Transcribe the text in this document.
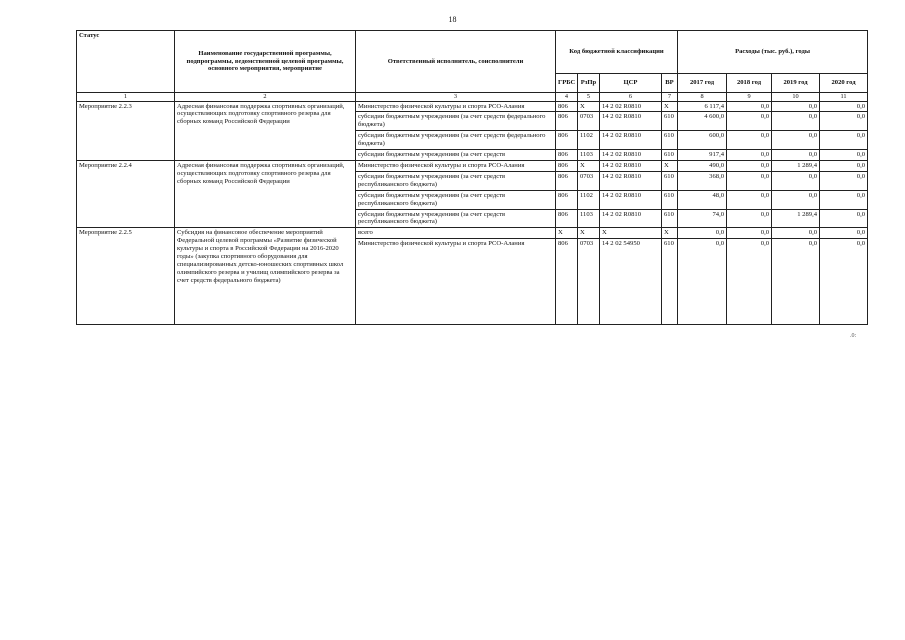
18
Статус	Наименование государственной программы, подпрограммы, ведомственной целевой программы, основного мероприятия, мероприятие	Ответственный исполнитель, соисполнители	Код бюджетной классификации				Расходы (тыс. руб.), годы			
			ГРБС	РзПр	ЦСР	ВР	2017 год	2018 год	2019 год	2020 год
1	2	3	4	5	6	7	8	9	10	11
Мероприятие 2.2.3	Адресная финансовая поддержка спортивных организаций, осуществляющих подготовку спортивного резерва для сборных команд Российской Федерации	Министерство физической культуры и спорта РСО-Алания	806	X	14 2 02 R0810	X	6 117,4	0,0	0,0	0,0
		субсидии бюджетным учреждениям (за счет средств федерального бюджета)	806	0703	14 2 02 R0810	610	4 600,0	0,0	0,0	0,0
		субсидии бюджетным учреждениям (за счет средств федерального бюджета)	806	1102	14 2 02 R0810	610	600,0	0,0	0,0	0,0
		субсидии бюджетным учреждениям (за счет средств	806	1103	14 2 02 R0810	610	917,4	0,0	0,0	0,0
Мероприятие 2.2.4	Адресная финансовая поддержка спортивных организаций, осуществляющих подготовку спортивного резерва для сборных команд Российской Федерации	Министерство физической культуры и спорта РСО-Алания	806	X	14 2 02 R0810	X	490,0	0,0	1 289,4	0,0
		субсидии бюджетным учреждениям (за счет средств республиканского бюджета)	806	0703	14 2 02 R0810	610	368,0	0,0	0,0	0,0
		субсидии бюджетным учреждениям (за счет средств республиканского бюджета)	806	1102	14 2 02 R0810	610	48,0	0,0	0,0	0,0
		субсидии бюджетным учреждениям (за счет средств республиканского бюджета)	806	1103	14 2 02 R0810	610	74,0	0,0	1 289,4	0,0
Мероприятие 2.2.5	Субсидия на финансовое обеспечение мероприятий Федеральной целевой программы «Развитие физической культуры и спорта в Российской Федерации на 2016-2020 годы» (закупка спортивного оборудования для специализированных детско-юношеских спортивных школ олимпийского резерва и училищ олимпийского резерва за счет средств федерального бюджета)	всего	X	X	X	X	0,0	0,0	0,0	0,0
		Министерство физической культуры и спорта РСО-Алания	806	0703	14 2 02 54950	610	0,0	0,0	0,0	0,0
.0:
